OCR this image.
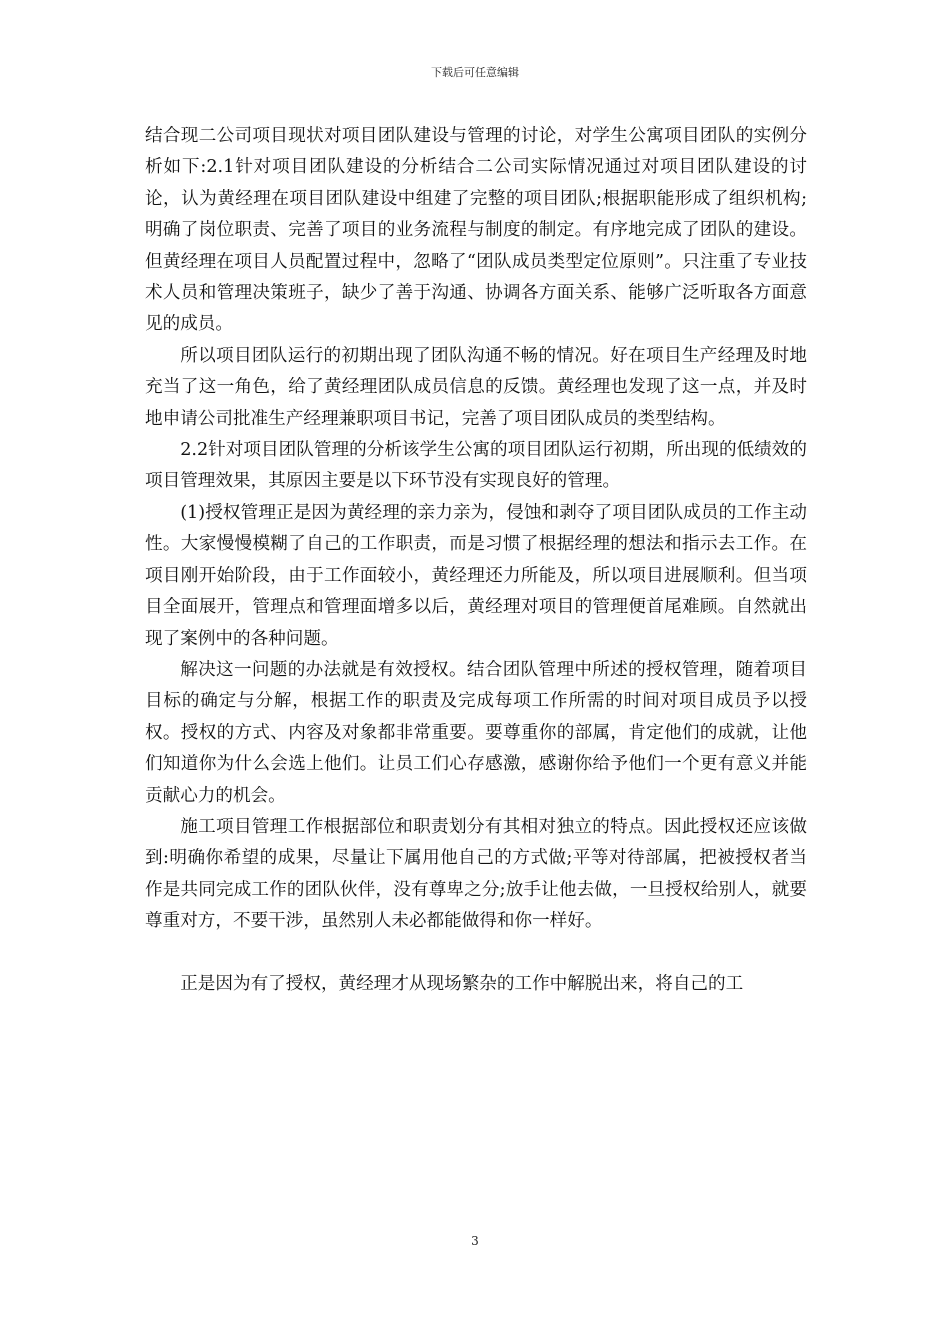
下载后可任意编辑

结合现二公司项目现状对项目团队建设与管理的讨论，对学生公寓项目团队的实例分析如下:2.1针对项目团队建设的分析结合二公司实际情况通过对项目团队建设的讨论，认为黄经理在项目团队建设中组建了完整的项目团队;根据职能形成了组织机构;明确了岗位职责、完善了项目的业务流程与制度的制定。有序地完成了团队的建设。但黄经理在项目人员配置过程中，忽略了“团队成员类型定位原则”。只注重了专业技术人员和管理决策班子，缺少了善于沟通、协调各方面关系、能够广泛听取各方面意见的成员。

所以项目团队运行的初期出现了团队沟通不畅的情况。好在项目生产经理及时地充当了这一角色，给了黄经理团队成员信息的反馈。黄经理也发现了这一点，并及时地申请公司批准生产经理兼职项目书记，完善了项目团队成员的类型结构。

2.2针对项目团队管理的分析该学生公寓的项目团队运行初期，所出现的低绩效的项目管理效果，其原因主要是以下环节没有实现良好的管理。

(1)授权管理正是因为黄经理的亲力亲为，侵蚀和剥夺了项目团队成员的工作主动性。大家慢慢模糊了自己的工作职责，而是习惯了根据经理的想法和指示去工作。在项目刚开始阶段，由于工作面较小，黄经理还力所能及，所以项目进展顺利。但当项目全面展开，管理点和管理面增多以后，黄经理对项目的管理便首尾难顾。自然就出现了案例中的各种问题。

解决这一问题的办法就是有效授权。结合团队管理中所述的授权管理，随着项目目标的确定与分解，根据工作的职责及完成每项工作所需的时间对项目成员予以授权。授权的方式、内容及对象都非常重要。要尊重你的部属，肯定他们的成就，让他们知道你为什么会选上他们。让员工们心存感激，感谢你给予他们一个更有意义并能贡献心力的机会。

施工项目管理工作根据部位和职责划分有其相对独立的特点。因此授权还应该做到:明确你希望的成果，尽量让下属用他自己的方式做;平等对待部属，把被授权者当作是共同完成工作的团队伙伴，没有尊卑之分;放手让他去做，一旦授权给别人，就要尊重对方，不要干涉，虽然别人未必都能做得和你一样好。

正是因为有了授权，黄经理才从现场繁杂的工作中解脱出来，将自己的工

3
